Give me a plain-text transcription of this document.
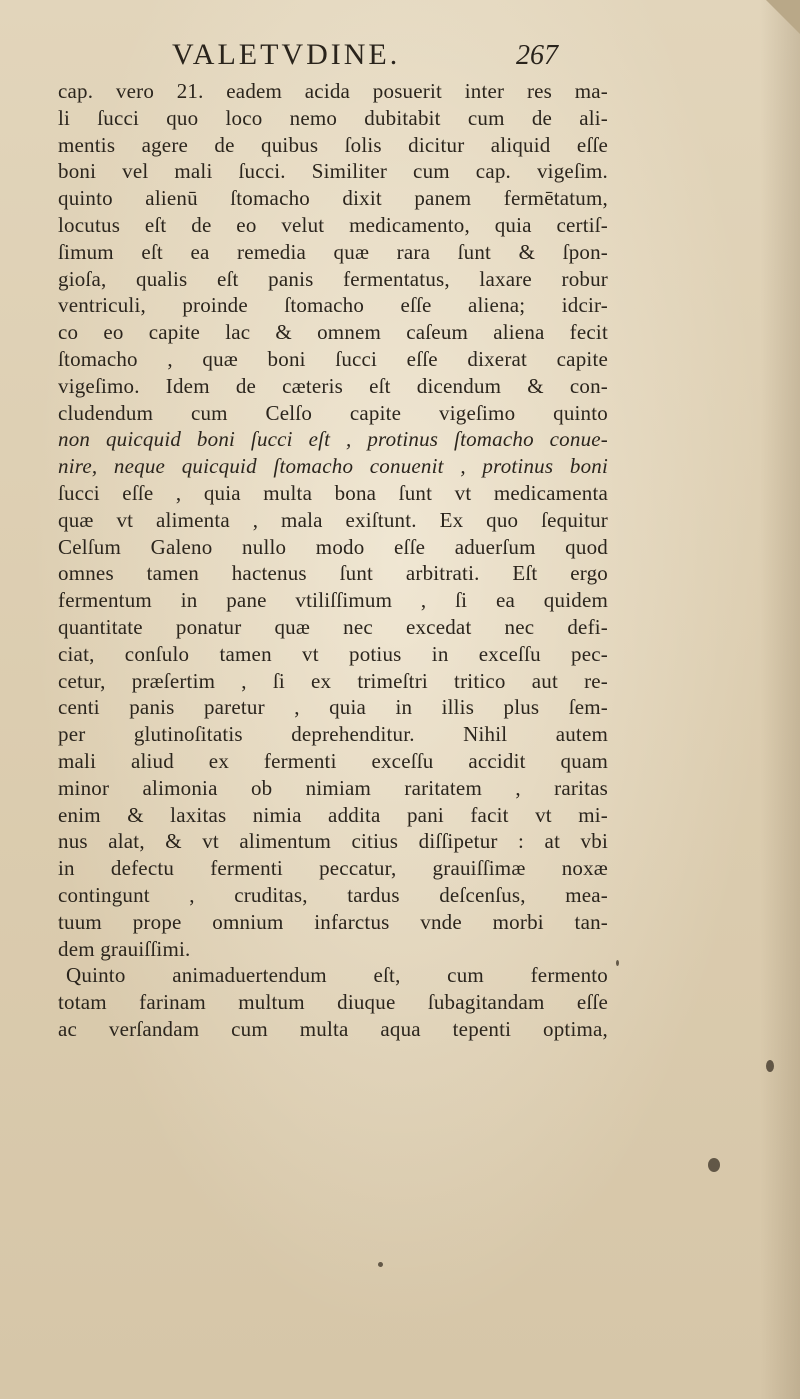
VALETVDINE.	267
cap. vero 21. eadem acida posuerit inter res ma-
li ſucci quo loco nemo dubitabit cum de ali-
mentis agere de quibus ſolis dicitur aliquid eſſe
boni vel mali ſucci. Similiter cum cap. vigeſim.
quinto alienū ſtomacho dixit panem fermētatum,
locutus eſt de eo velut medicamento, quia certiſ-
ſimum eſt ea remedia quæ rara ſunt & ſpon-
gioſa, qualis eſt panis fermentatus, laxare robur
ventriculi, proinde ſtomacho eſſe aliena; idcir-
co eo capite lac & omnem caſeum aliena fecit
ſtomacho , quæ boni ſucci eſſe dixerat capite
vigeſimo. Idem de cæteris eſt dicendum & con-
cludendum cum Celſo capite vigeſimo quinto
non quicquid boni ſucci eſt , protinus ſtomacho conue-
nire, neque quicquid ſtomacho conuenit , protinus boni
ſucci eſſe , quia multa bona ſunt vt medicamenta
quæ vt alimenta , mala exiſtunt. Ex quo ſequitur
Celſum Galeno nullo modo eſſe aduerſum quod
omnes tamen hactenus ſunt arbitrati. Eſt ergo
fermentum in pane vtiliſſimum , ſi ea quidem
quantitate ponatur quæ nec excedat nec defi-
ciat, conſulo tamen vt potius in exceſſu pec-
cetur, præſertim , ſi ex trimeſtri tritico aut re-
centi panis paretur , quia in illis plus ſem-
per glutinoſitatis deprehenditur. Nihil autem
mali aliud ex fermenti exceſſu accidit quam
minor alimonia ob nimiam raritatem , raritas
enim & laxitas nimia addita pani facit vt mi-
nus alat, & vt alimentum citius diſſipetur : at vbi
in defectu fermenti peccatur, grauiſſimæ noxæ
contingunt , cruditas, tardus deſcenſus, mea-
tuum prope omnium infarctus vnde morbi tan-
dem grauiſſimi.
Quinto animaduertendum eſt, cum fermento
totam farinam multum diuque ſubagitandam eſſe
ac verſandam cum multa aqua tepenti optima,
